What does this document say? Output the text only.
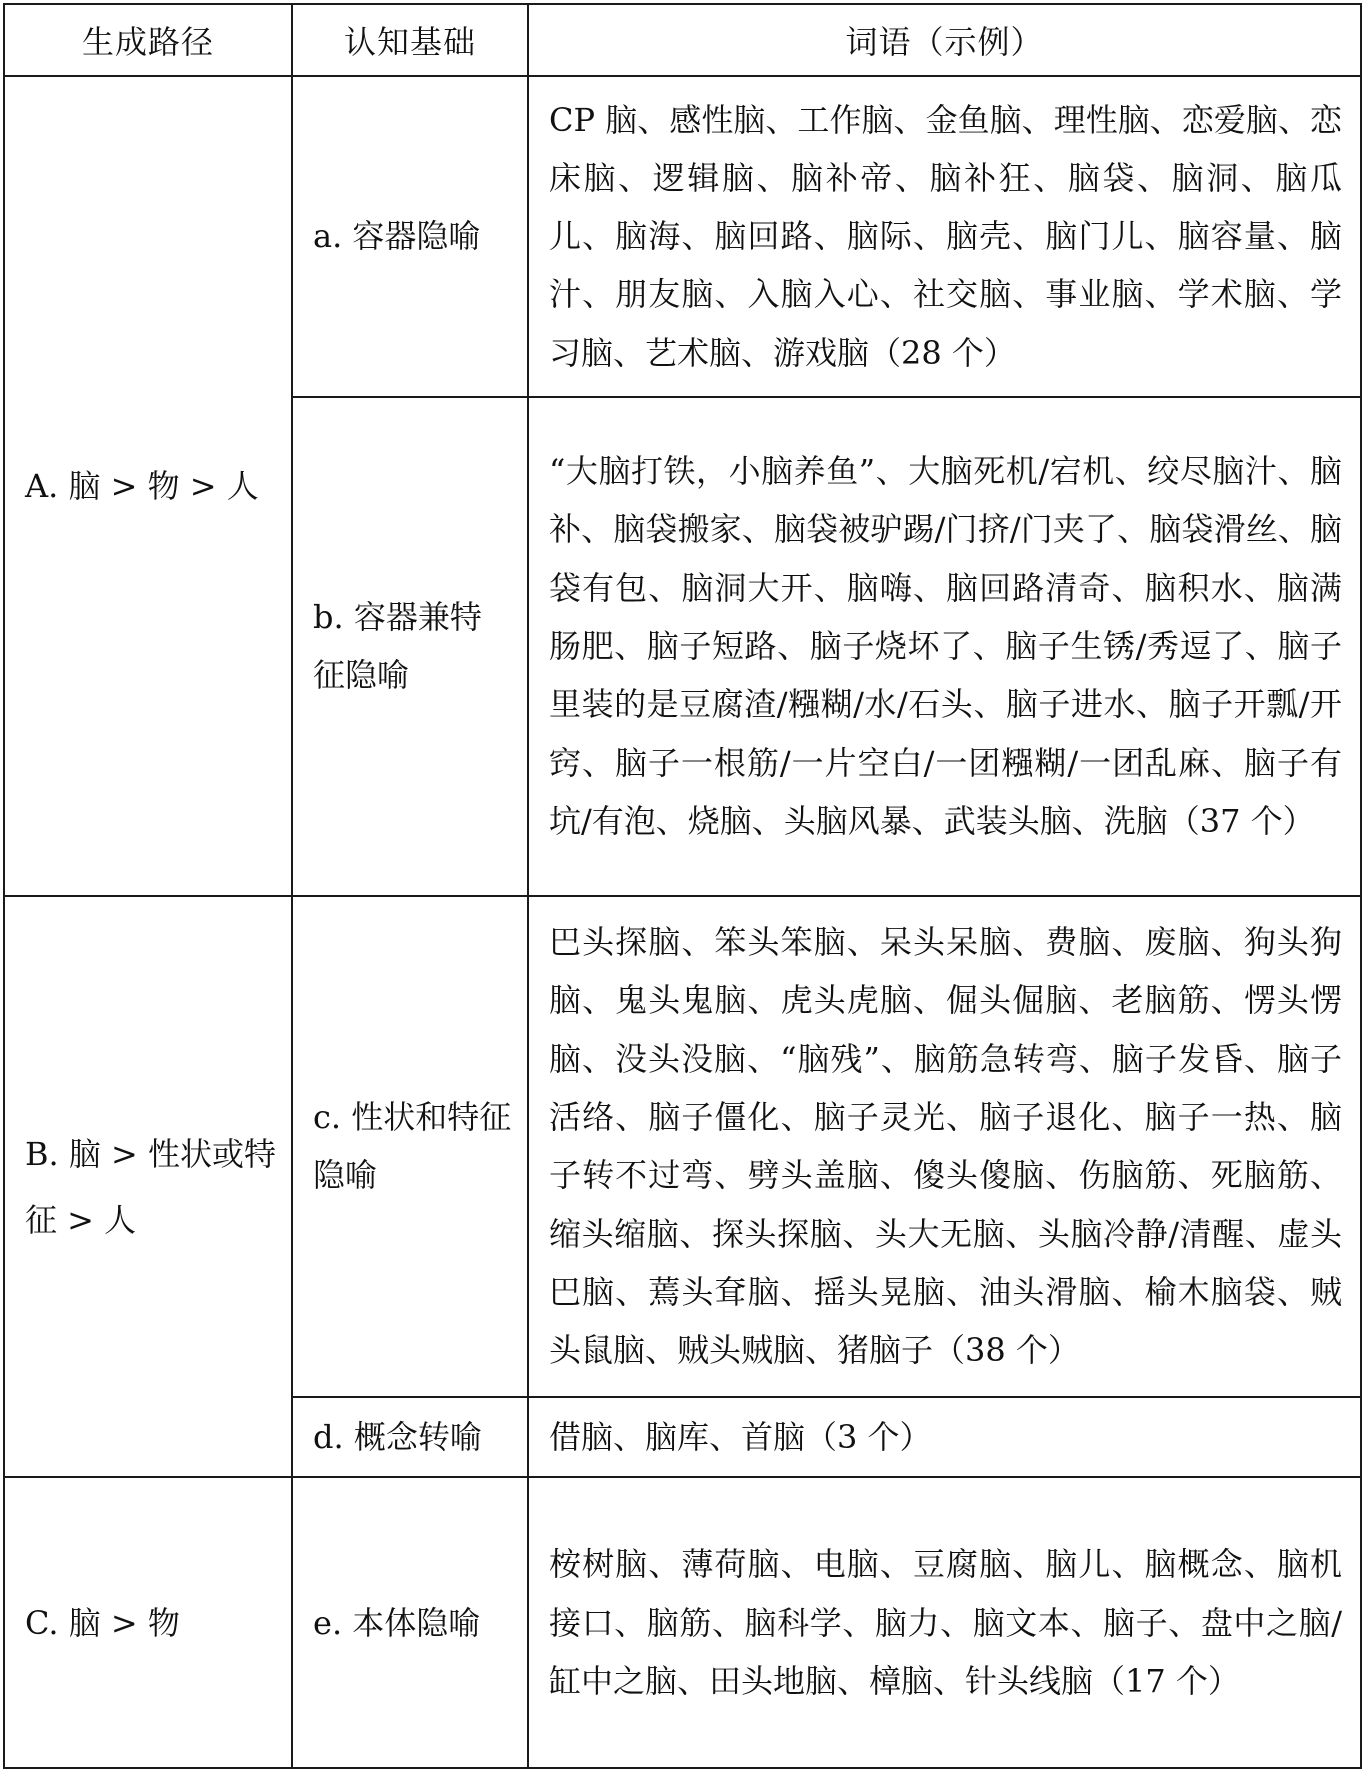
生成路径	认知基础	词语（示例）
A. 脑 > 物 > 人	a. 容器隐喻	CP 脑、感性脑、工作脑、金鱼脑、理性脑、恋爱脑、恋床脑、逻辑脑、脑补帝、脑补狂、脑袋、脑洞、脑瓜儿、脑海、脑回路、脑际、脑壳、脑门儿、脑容量、脑汁、朋友脑、入脑入心、社交脑、事业脑、学术脑、学习脑、艺术脑、游戏脑（28 个）
	b. 容器兼特征隐喻	“大脑打铁，小脑养鱼”、大脑死机/宕机、绞尽脑汁、脑补、脑袋搬家、脑袋被驴踢/门挤/门夹了、脑袋滑丝、脑袋有包、脑洞大开、脑嗨、脑回路清奇、脑积水、脑满肠肥、脑子短路、脑子烧坏了、脑子生锈/秀逗了、脑子里装的是豆腐渣/糨糊/水/石头、脑子进水、脑子开瓢/开窍、脑子一根筋/一片空白/一团糨糊/一团乱麻、脑子有坑/有泡、烧脑、头脑风暴、武装头脑、洗脑（37 个）
B. 脑 > 性状或特征 > 人	c. 性状和特征隐喻	巴头探脑、笨头笨脑、呆头呆脑、费脑、废脑、狗头狗脑、鬼头鬼脑、虎头虎脑、倔头倔脑、老脑筋、愣头愣脑、没头没脑、“脑残”、脑筋急转弯、脑子发昏、脑子活络、脑子僵化、脑子灵光、脑子退化、脑子一热、脑子转不过弯、劈头盖脑、傻头傻脑、伤脑筋、死脑筋、缩头缩脑、探头探脑、头大无脑、头脑冷静/清醒、虚头巴脑、蔫头耷脑、摇头晃脑、油头滑脑、榆木脑袋、贼头鼠脑、贼头贼脑、猪脑子（38 个）
	d. 概念转喻	借脑、脑库、首脑（3 个）
C. 脑 > 物	e. 本体隐喻	桉树脑、薄荷脑、电脑、豆腐脑、脑儿、脑概念、脑机接口、脑筋、脑科学、脑力、脑文本、脑子、盘中之脑/缸中之脑、田头地脑、樟脑、针头线脑（17 个）
